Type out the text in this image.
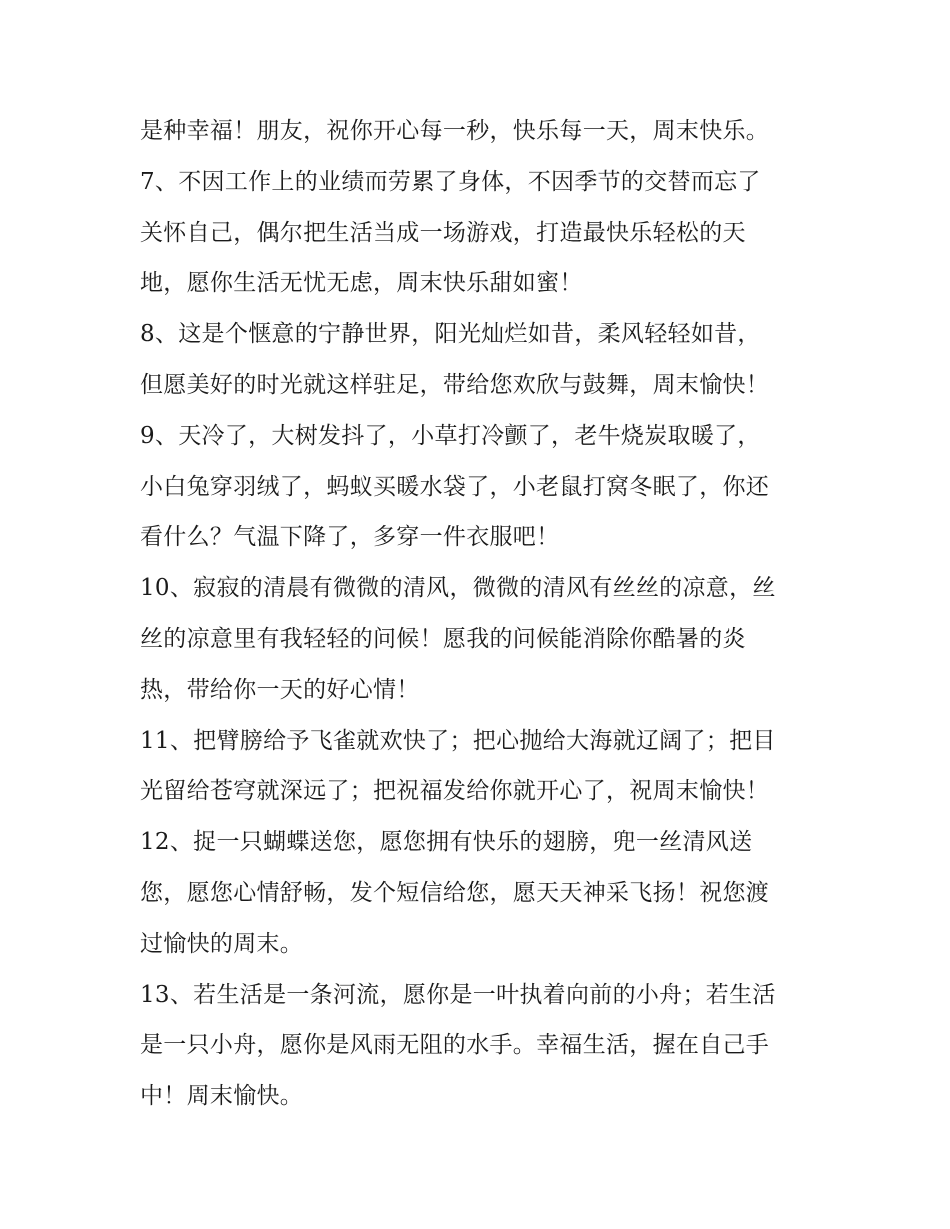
是种幸福！朋友，祝你开心每一秒，快乐每一天，周末快乐。
7、不因工作上的业绩而劳累了身体，不因季节的交替而忘了
关怀自己，偶尔把生活当成一场游戏，打造最快乐轻松的天
地，愿你生活无忧无虑，周末快乐甜如蜜！
8、这是个惬意的宁静世界，阳光灿烂如昔，柔风轻轻如昔，
但愿美好的时光就这样驻足，带给您欢欣与鼓舞，周末愉快！
9、天冷了，大树发抖了，小草打冷颤了，老牛烧炭取暖了，
小白兔穿羽绒了，蚂蚁买暖水袋了，小老鼠打窝冬眠了，你还
看什么？气温下降了，多穿一件衣服吧！
10、寂寂的清晨有微微的清风，微微的清风有丝丝的凉意，丝
丝的凉意里有我轻轻的问候！愿我的问候能消除你酷暑的炎
热，带给你一天的好心情！
11、把臂膀给予飞雀就欢快了；把心抛给大海就辽阔了；把目
光留给苍穹就深远了；把祝福发给你就开心了，祝周末愉快！
12、捉一只蝴蝶送您，愿您拥有快乐的翅膀，兜一丝清风送
您，愿您心情舒畅，发个短信给您，愿天天神采飞扬！祝您渡
过愉快的周末。
13、若生活是一条河流，愿你是一叶执着向前的小舟；若生活
是一只小舟，愿你是风雨无阻的水手。幸福生活，握在自己手
中！周末愉快。
